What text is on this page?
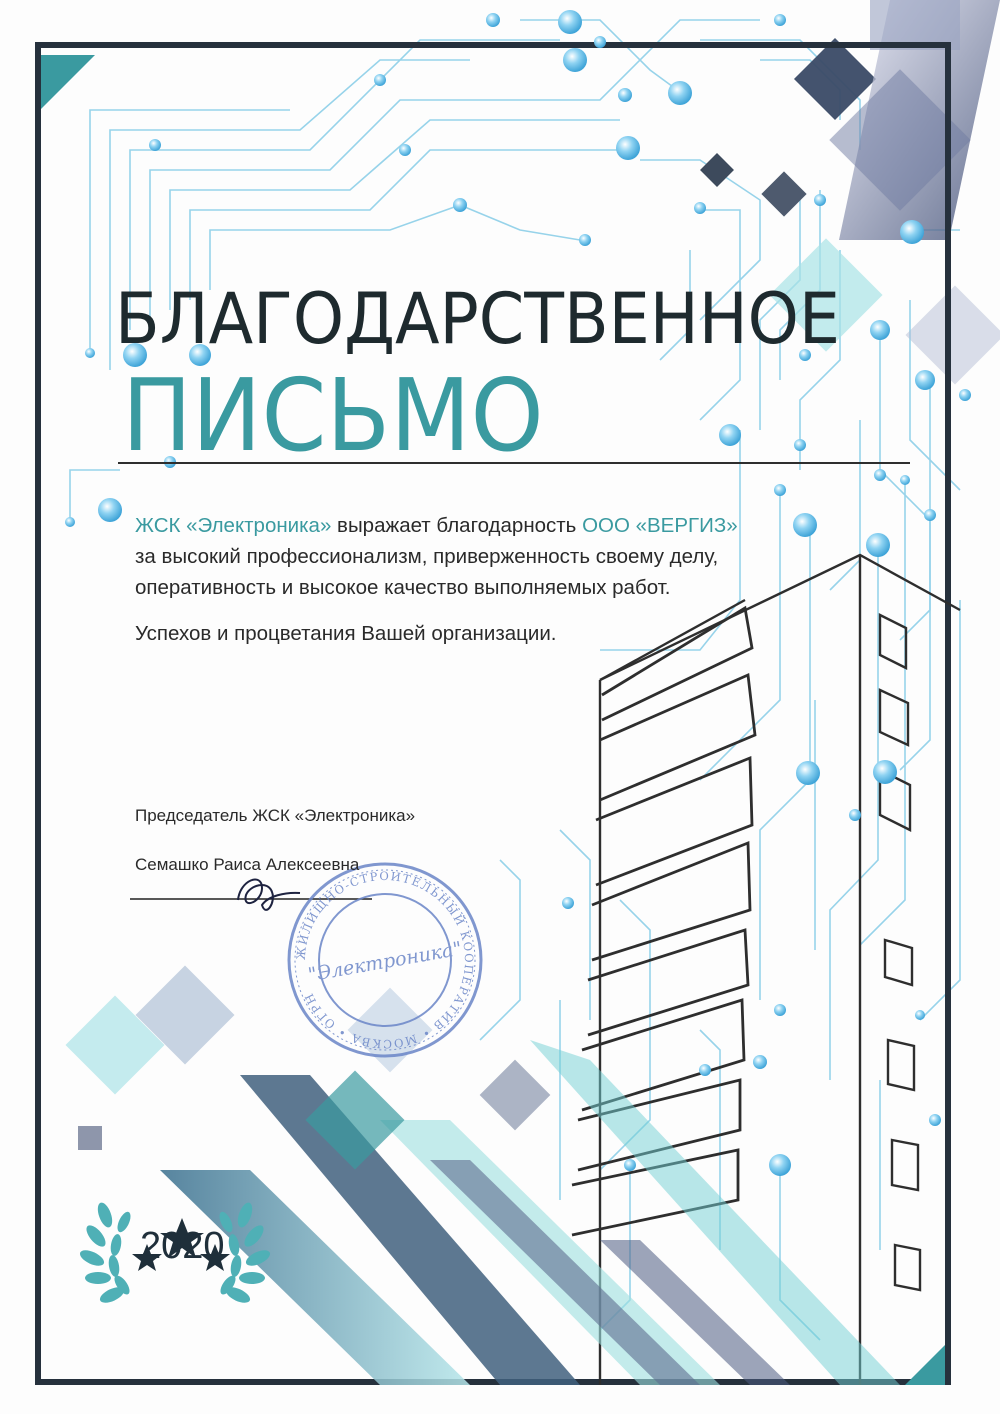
ЖИЛИЩНО-СТРОИТЕЛЬНЫЙ КООПЕРАТИВ • МОСКВА • ОГРН
"Электроника"
БЛАГОДАРСТВЕННОЕ
ПИСЬМО
ЖСК «Электроника» выражает благодарность ООО «ВЕРГИЗ»
за высокий профессионализм, приверженность своему делу,
оперативность и высокое качество выполняемых работ.
Успехов и процветания Вашей организации.
Председатель ЖСК «Электроника»
Семашко Раиса Алексеевна
2020
